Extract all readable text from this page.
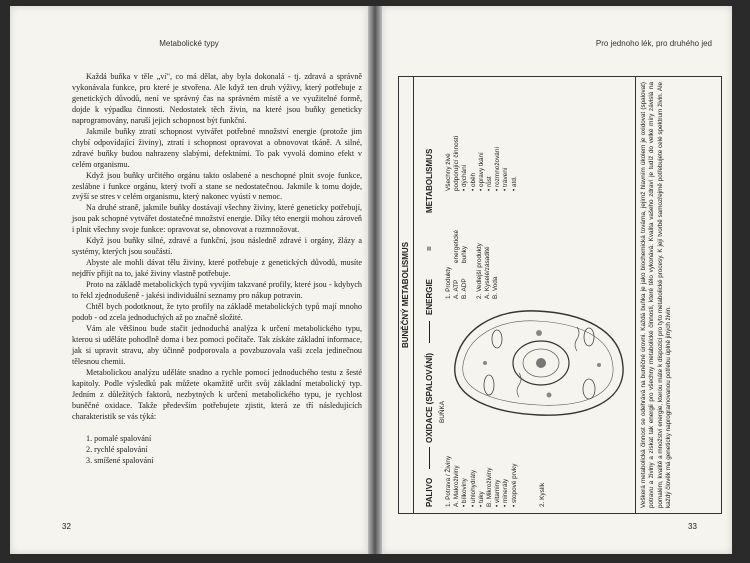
Metabolické typy

Každá buňka v těle „ví", co má dělat, aby byla dokonalá - tj. zdravá a správně vykonávala funkce, pro které je stvořena. Ale když ten druh výživy, který potřebuje z genetických důvodů, není ve správný čas na správném místě a ve využitelné formě, dojde k výpadku činnosti. Nedostatek těch živin, na které jsou buňky geneticky naprogramovány, naruší jejich schopnost být funkční.

Jakmile buňky ztratí schopnost vytvářet potřebné množství energie (protože jim chybí odpovídající živiny), ztratí i schopnost opravovat a obnovovat tkáně. A silné, zdravé buňky budou nahrazeny slabými, defektními. To pak vyvolá domino efekt v celém organismu.

Když jsou buňky určitého orgánu takto oslabené a neschopné plnit svoje funkce, zeslábne i funkce orgánu, který tvoří a stane se nedostatečnou. Jakmile k tomu dojde, zvýší se stres v celém organismu, který nakonec vyústí v nemoc.

Na druhé straně, jakmile buňky dostávají všechny živiny, které geneticky potřebují, jsou pak schopné vytvářet dostatečné množství energie. Díky této energii mohou zároveň i plnit všechny svoje funkce: opravovat se, obnovovat a rozmnožovat.

Když jsou buňky silné, zdravé a funkční, jsou následně zdravé i orgány, žlázy a systémy, kterých jsou součástí.

Abyste ale mohli dávat tělu živiny, které potřebuje z genetických důvodů, musíte nejdřív přijít na to, jaké živiny vlastně potřebuje.

Proto na základě metabolických typů vyvíjím takzvané profily, které jsou - kdybych to řekl zjednodušeně - jakési individuální seznamy pro nákup potravin.

Chtěl bych podotknout, že tyto profily na základě metabolických typů mají mnoho podob - od zcela jednoduchých až po značně složité.

Vám ale většinou bude stačit jednoduchá analýza k určení metabolického typu, kterou si uděláte pohodlně doma i bez pomoci počítače. Tak získáte základní informace, jak si upravit stravu, aby účinně podporovala a povzbuzovala vaši zcela jedinečnou tělesnou chemii.

Metabolickou analýzu uděláte snadno a rychle pomocí jednoduchého testu z šesté kapitoly. Podle výsledků pak můžete okamžitě určit svůj základní metabolický typ. Jedním z důležitých faktorů, nezbytných k určení metabolického typu, je rychlost buněčné oxidace. Takže především potřebujete zjistit, která ze tří následujících charakteristik se vás týká:

1. pomalé spalování
2. rychlé spalování
3. smíšené spalování
32
Pro jednoho lék, pro druhého jed
BUNĚČNÝ METABOLISMUS
PALIVO
OXIDACE (SPALOVÁNÍ)
ENERGIE
=
METABOLISMUS
BUŇKA
1. Potrava / Živiny A. Makroživiny • bílkoviny • uhlohydráty • tuky B. Mikroživiny • vitaminy • minerály • stopové prvky	2. Kyslík
1. Produkty A. ATP B. ADP
energetické buňky 2. Vedlejší produkty A. Kyselé/zásadité B. Voda
Všechny živé podporující činnosti • dýchání • oběh • opravy tkání • růst • rozmnožování • trávení • atd.	Veškerá metabolická činnost se odehrává na buněčné úrovni. Každá buňka je jako biochemická továrna, jejímž hlavním úkolem je oxidovat (spalovat) potravu a živiny a získat tak energii pro všechny metabolické činnosti, které tělo vykonává. Kvalita vašeho zdraví je tudíž do velké míry závislá na pomalém, kvalitě a množství energie, kterou máte k dispozici pro tyto metabolické procesy. K její tvorbě samozřejmě potřebujete celé spektrum živin. Ale každý člověk má geneticky naprogramovanou potřebu úplně jiných živin.
33
